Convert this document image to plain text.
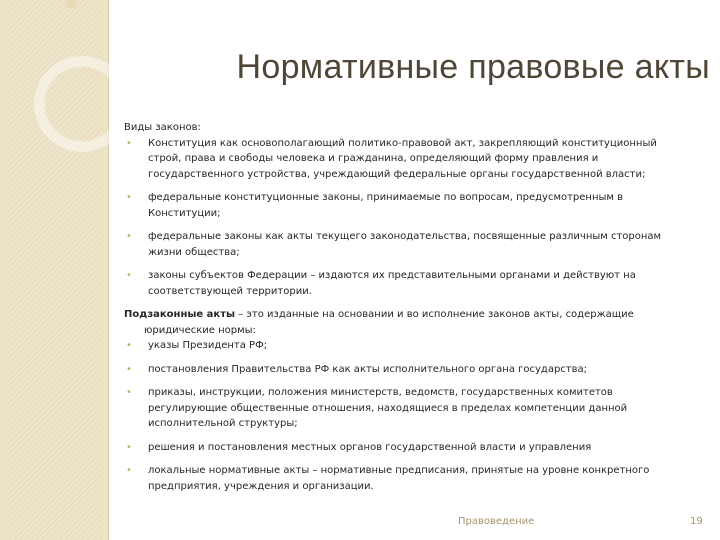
Нормативные правовые акты

Виды законов:

• Конституция как основополагающий политико-правовой акт, закрепляющий конституционный строй, права и свободы человека и гражданина, определяющий форму правления и государственного устройства, учреждающий федеральные органы государственной власти;
• федеральные конституционные законы, принимаемые по вопросам, предусмотренным в Конституции;
• федеральные законы как акты текущего законодательства, посвященные различным сторонам жизни общества;
• законы субъектов Федерации – издаются их представительными органами и действуют на соответствующей территории.

Подзаконные акты – это изданные на основании и во исполнение законов акты, содержащие юридические нормы:

• указы Президента РФ;
• постановления Правительства РФ как акты исполнительного органа государства;
• приказы, инструкции, положения министерств, ведомств, государственных комитетов регулирующие общественные отношения, находящиеся в пределах компетенции данной исполнительной структуры;
• решения и постановления местных органов государственной власти и управления
• локальные нормативные акты – нормативные предписания, принятые на уровне конкретного предприятия, учреждения и организации.
Правоведение	19
